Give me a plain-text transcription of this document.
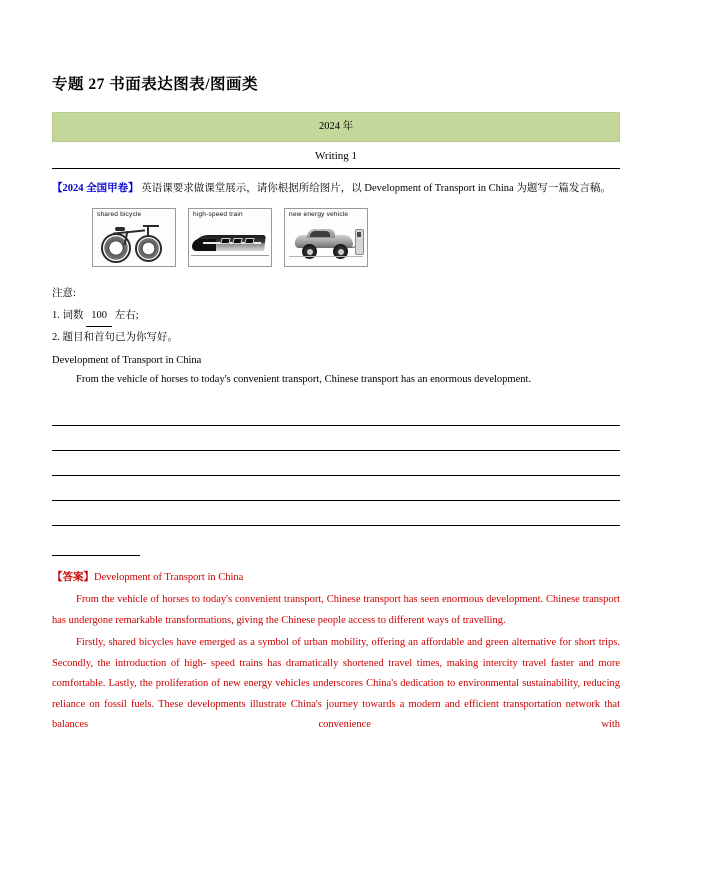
专题 27 书面表达图表/图画类
2024 年
Writing 1
【2024 全国甲卷】 英语课要求做课堂展示，请你根据所给图片，以 Development of Transport in China 为题写一篇发言稿。
shared bicycle	high-speed train	new energy vehicle
注意:
1. 词数 100 左右;
2. 题目和首句已为你写好。
Development of Transport in China
From the vehicle of horses to today's convenient transport, Chinese transport has an enormous development.

【答案】Development of Transport in China

From the vehicle of horses to today's convenient transport, Chinese transport has seen enormous development. Chinese transport has undergone remarkable transformations, giving the Chinese people access to different ways of travelling.

Firstly, shared bicycles have emerged as a symbol of urban mobility, offering an affordable and green alternative for short trips. Secondly, the introduction of high- speed trains has dramatically shortened travel times, making intercity travel faster and more comfortable. Lastly, the proliferation of new energy vehicles underscores China's dedication to environmental sustainability, reducing reliance on fossil fuels. These developments illustrate China's journey towards a modern and efficient transportation network that balances convenience with
